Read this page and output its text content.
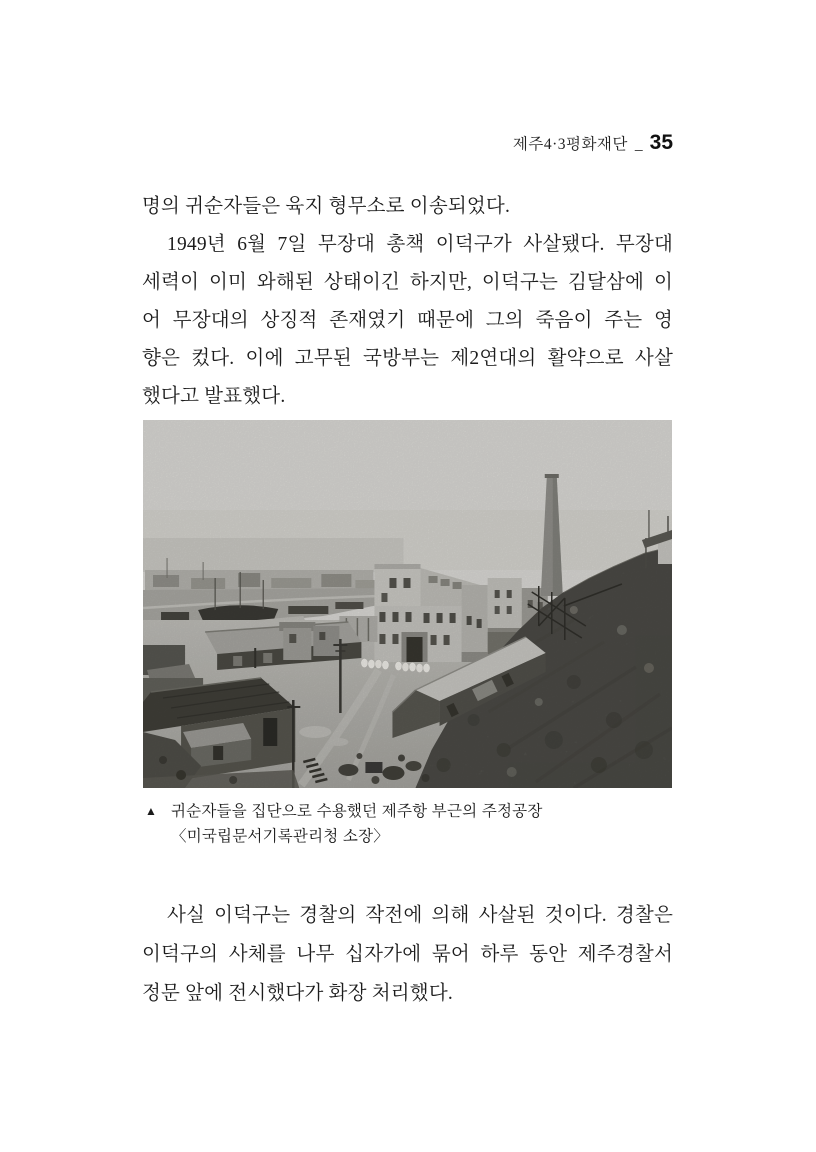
제주4·3평화재단 _ 35
명의 귀순자들은 육지 형무소로 이송되었다.
1949년 6월 7일 무장대 총책 이덕구가 사살됐다. 무장대
세력이 이미 와해된 상태이긴 하지만, 이덕구는 김달삼에 이
어 무장대의 상징적 존재였기 때문에 그의 죽음이 주는 영
향은 컸다. 이에 고무된 국방부는 제2연대의 활약으로 사살
했다고 발표했다.
▲ 귀순자들을 집단으로 수용했던 제주항 부근의 주정공장
〈미국립문서기록관리청 소장〉
사실 이덕구는 경찰의 작전에 의해 사살된 것이다. 경찰은
이덕구의 사체를 나무 십자가에 묶어 하루 동안 제주경찰서
정문 앞에 전시했다가 화장 처리했다.
